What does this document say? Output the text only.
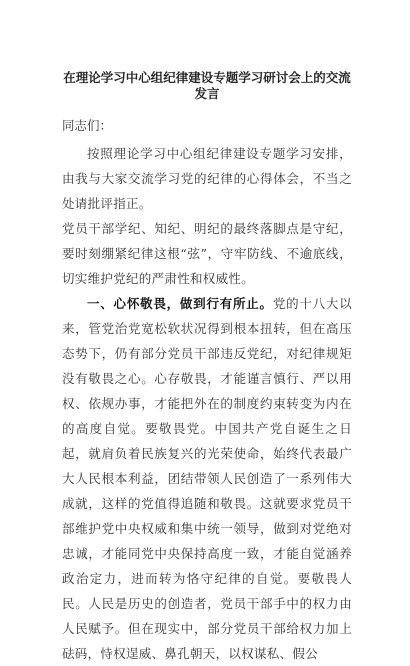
在理论学习中心组纪律建设专题学习研讨会上的交流发言

同志们：

按照理论学习中心组纪律建设专题学习安排，由我与大家交流学习党的纪律的心得体会，不当之处请批评指正。

党员干部学纪、知纪、明纪的最终落脚点是守纪，要时刻绷紧纪律这根“弦”，守牢防线、不逾底线，切实维护党纪的严肃性和权威性。

一、心怀敬畏，做到行有所止。党的十八大以来，管党治党宽松软状况得到根本扭转，但在高压态势下，仍有部分党员干部违反党纪，对纪律规矩没有敬畏之心。心存敬畏，才能谨言慎行、严以用权、依规办事，才能把外在的制度约束转变为内在的高度自觉。要敬畏党。中国共产党自诞生之日起，就肩负着民族复兴的光荣使命，始终代表最广大人民根本利益，团结带领人民创造了一系列伟大成就，这样的党值得追随和敬畏。这就要求党员干部维护党中央权威和集中统一领导，做到对党绝对忠诚，才能同党中央保持高度一致，才能自觉涵养政治定力，进而转为恪守纪律的自觉。要敬畏人民。人民是历史的创造者，党员干部手中的权力由人民赋予。但在现实中，部分党员干部给权力加上砝码，恃权逞威、鼻孔朝天，以权谋私、假公
